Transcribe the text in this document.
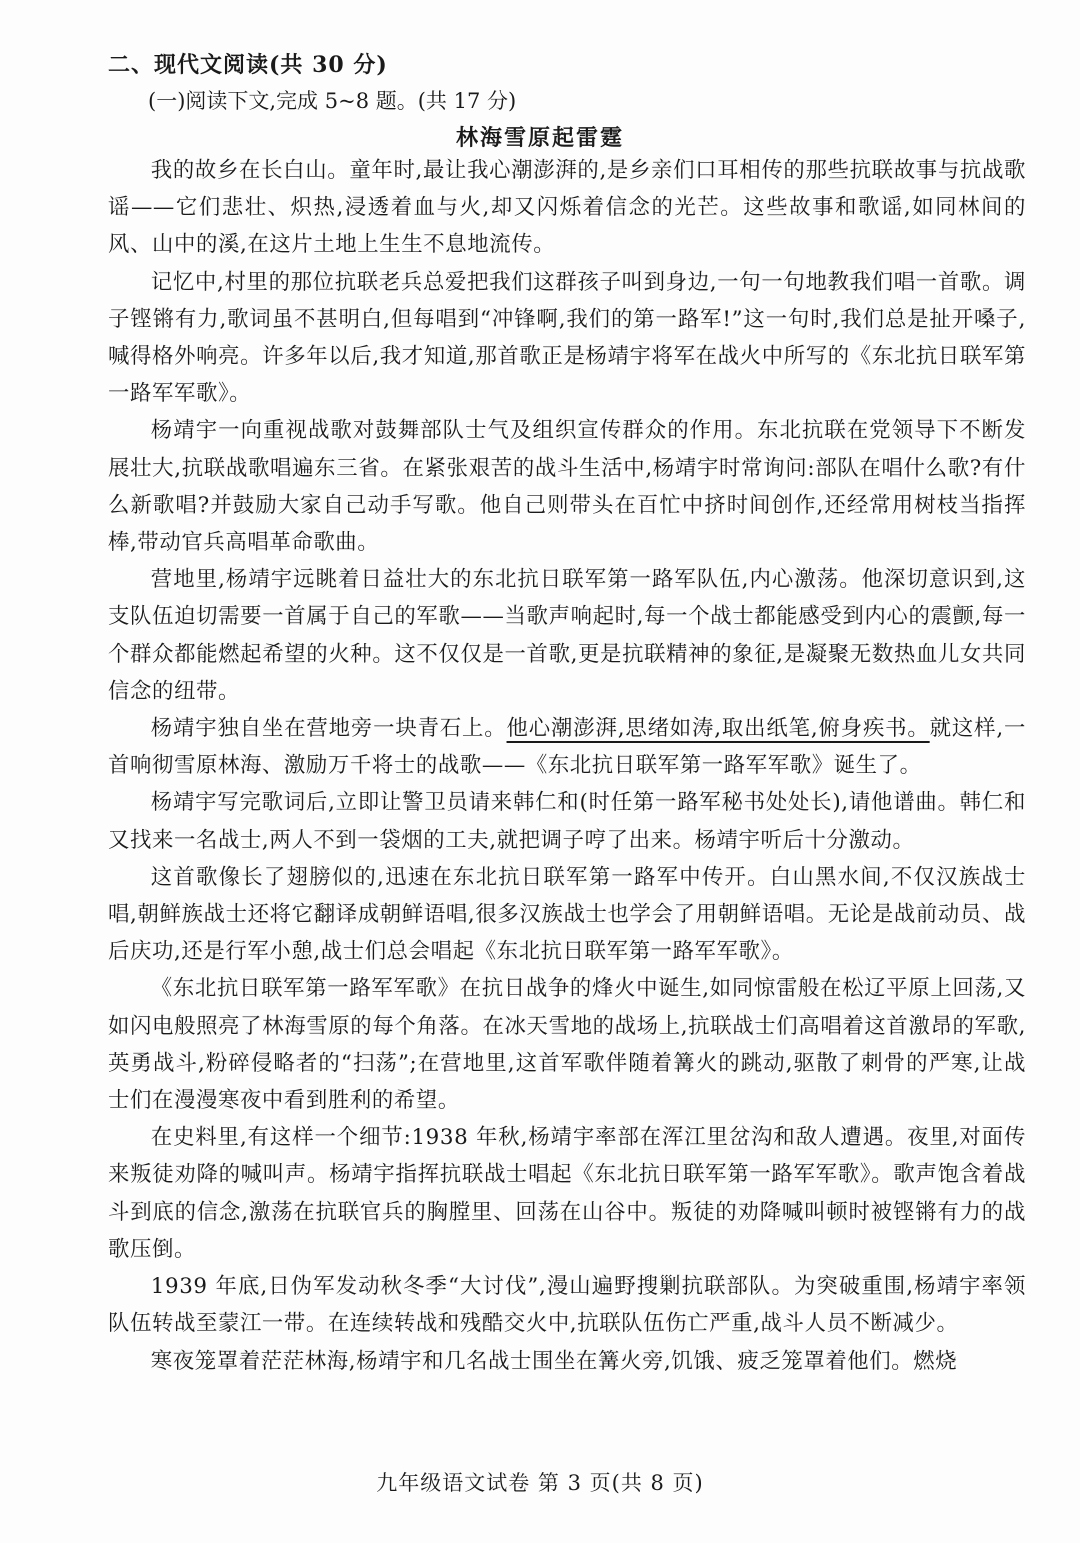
二、现代文阅读(共 30 分)
(一)阅读下文,完成 5~8 题。(共 17 分)
林海雪原起雷霆

我的故乡在长白山。童年时,最让我心潮澎湃的,是乡亲们口耳相传的那些抗联故事与抗战歌谣——它们悲壮、炽热,浸透着血与火,却又闪烁着信念的光芒。这些故事和歌谣,如同林间的风、山中的溪,在这片土地上生生不息地流传。

记忆中,村里的那位抗联老兵总爱把我们这群孩子叫到身边,一句一句地教我们唱一首歌。调子铿锵有力,歌词虽不甚明白,但每唱到“冲锋啊,我们的第一路军!”这一句时,我们总是扯开嗓子,喊得格外响亮。许多年以后,我才知道,那首歌正是杨靖宇将军在战火中所写的《东北抗日联军第一路军军歌》。

杨靖宇一向重视战歌对鼓舞部队士气及组织宣传群众的作用。东北抗联在党领导下不断发展壮大,抗联战歌唱遍东三省。在紧张艰苦的战斗生活中,杨靖宇时常询问:部队在唱什么歌?有什么新歌唱?并鼓励大家自己动手写歌。他自己则带头在百忙中挤时间创作,还经常用树枝当指挥棒,带动官兵高唱革命歌曲。

营地里,杨靖宇远眺着日益壮大的东北抗日联军第一路军队伍,内心激荡。他深切意识到,这支队伍迫切需要一首属于自己的军歌——当歌声响起时,每一个战士都能感受到内心的震颤,每一个群众都能燃起希望的火种。这不仅仅是一首歌,更是抗联精神的象征,是凝聚无数热血儿女共同信念的纽带。

杨靖宇独自坐在营地旁一块青石上。他心潮澎湃,思绪如涛,取出纸笔,俯身疾书。就这样,一首响彻雪原林海、激励万千将士的战歌——《东北抗日联军第一路军军歌》诞生了。

杨靖宇写完歌词后,立即让警卫员请来韩仁和(时任第一路军秘书处处长),请他谱曲。韩仁和又找来一名战士,两人不到一袋烟的工夫,就把调子哼了出来。杨靖宇听后十分激动。

这首歌像长了翅膀似的,迅速在东北抗日联军第一路军中传开。白山黑水间,不仅汉族战士唱,朝鲜族战士还将它翻译成朝鲜语唱,很多汉族战士也学会了用朝鲜语唱。无论是战前动员、战后庆功,还是行军小憩,战士们总会唱起《东北抗日联军第一路军军歌》。

《东北抗日联军第一路军军歌》在抗日战争的烽火中诞生,如同惊雷般在松辽平原上回荡,又如闪电般照亮了林海雪原的每个角落。在冰天雪地的战场上,抗联战士们高唱着这首激昂的军歌,英勇战斗,粉碎侵略者的“扫荡”;在营地里,这首军歌伴随着篝火的跳动,驱散了刺骨的严寒,让战士们在漫漫寒夜中看到胜利的希望。

在史料里,有这样一个细节:1938 年秋,杨靖宇率部在浑江里岔沟和敌人遭遇。夜里,对面传来叛徒劝降的喊叫声。杨靖宇指挥抗联战士唱起《东北抗日联军第一路军军歌》。歌声饱含着战斗到底的信念,激荡在抗联官兵的胸膛里、回荡在山谷中。叛徒的劝降喊叫顿时被铿锵有力的战歌压倒。

1939 年底,日伪军发动秋冬季“大讨伐”,漫山遍野搜剿抗联部队。为突破重围,杨靖宇率领队伍转战至蒙江一带。在连续转战和残酷交火中,抗联队伍伤亡严重,战斗人员不断减少。

寒夜笼罩着茫茫林海,杨靖宇和几名战士围坐在篝火旁,饥饿、疲乏笼罩着他们。燃烧

九年级语文试卷 第 3 页(共 8 页)
